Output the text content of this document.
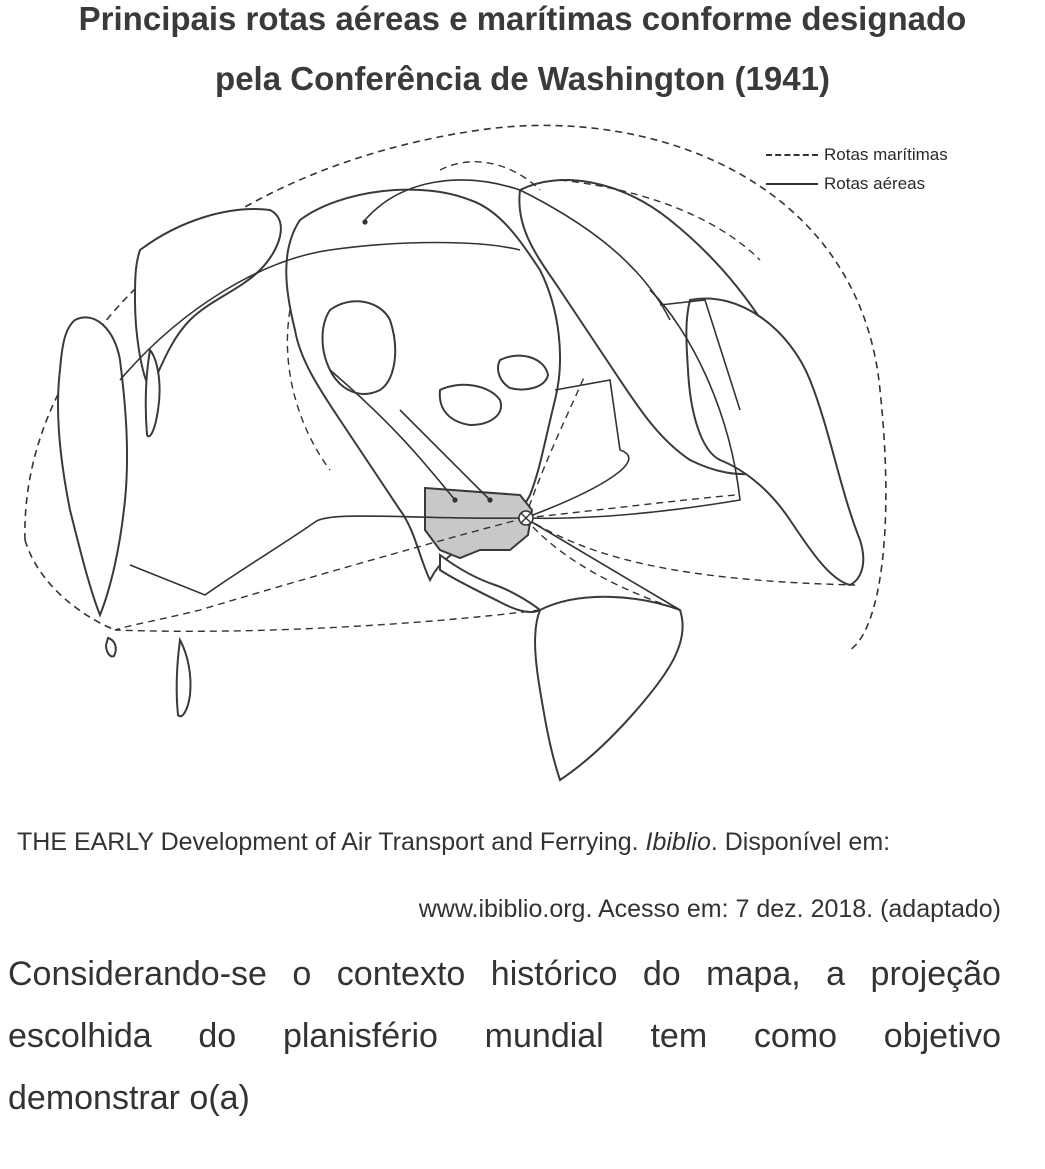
Principais rotas aéreas e marítimas conforme designado
pela Conferência de Washington (1941)
Rotas marítimas
Rotas aéreas
THE EARLY Development of Air Transport and Ferrying. Ibiblio. Disponível em:
www.ibiblio.org. Acesso em: 7 dez. 2018. (adaptado)
Considerando-se o contexto histórico do mapa, a projeção
escolhida do planisfério mundial tem como objetivo
demonstrar o(a)
